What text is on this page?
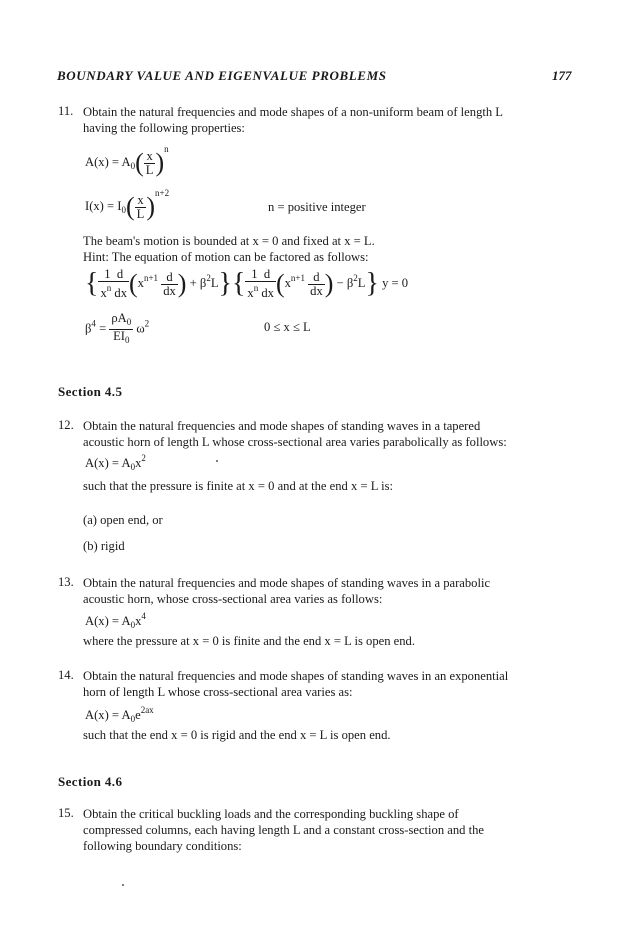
BOUNDARY VALUE AND EIGENVALUE PROBLEMS	177
11. Obtain the natural frequencies and mode shapes of a non-uniform beam of length L
having the following properties:
$A(x) = A_0( \frac{x}{L} )^n$
$I(x) = I_0( \frac{x}{L} )^{n+2}$
n = positive integer
The beam's motion is bounded at x = 0 and fixed at x = L.
Hint: The equation of motion can be factored as follows:
{ $\frac{1 d}{x^n dx} (x^{n+1} \frac{d}{dx}$ ) + $\beta^2L\}\{ \frac{1 d}{x^n dx} (x^{n+1} \frac{d}{dx}$ ) − $\beta^2L$} y = 0
$\beta^4 = \frac{\rho A_0}{EI_0} \omega^2$	0 ≤ x ≤ L
Section 4.5
12. Obtain the natural frequencies and mode shapes of standing waves in a tapered
acoustic horn of length L whose cross-sectional area varies parabolically as follows:
$A(x) = A_0x^2$
such that the pressure is finite at x = 0 and at the end x = L is:
(a) open end, or
(b) rigid
13. Obtain the natural frequencies and mode shapes of standing waves in a parabolic
acoustic horn, whose cross-sectional area varies as follows:
$A(x) = A_0x^4$
where the pressure at x = 0 is finite and the end x = L is open end.
14. Obtain the natural frequencies and mode shapes of standing waves in an exponential
horn of length L whose cross-sectional area varies as:
$A(x) = A_0e^{2ax}$
such that the end x = 0 is rigid and the end x = L is open end.
Section 4.6
15. Obtain the critical buckling loads and the corresponding buckling shape of
compressed columns, each having length L and a constant cross-section and the
following boundary conditions:
